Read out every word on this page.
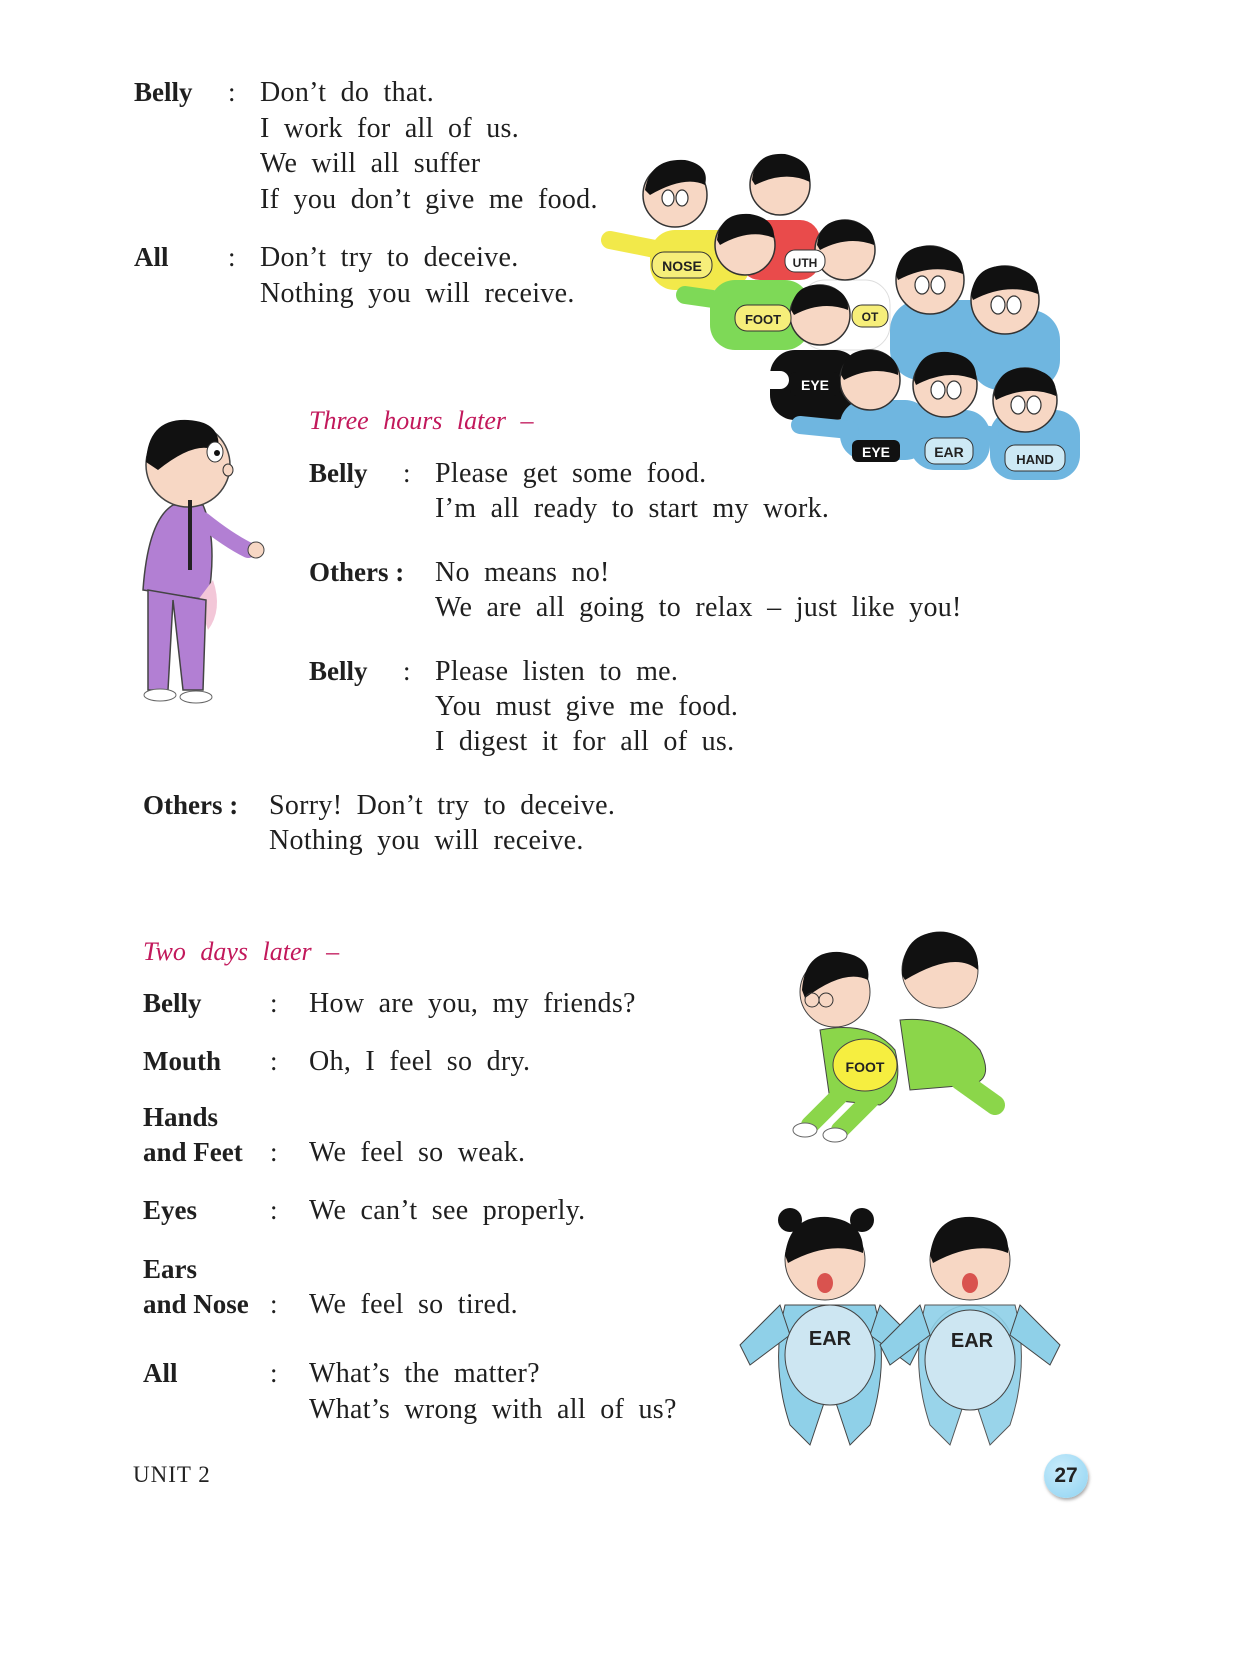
Belly : Don’t do that.
I work for all of us.
We will all suffer
If you don’t give me food.
All : Don’t try to deceive.
Nothing you will receive.
NOSE	UTH
FOOT	OT
EYE
EYE	EAR	HAND
Three hours later –
Belly : Please get some food.
I’m all ready to start my work.
Others : No means no!
We are all going to relax – just like you!
Belly : Please listen to me.
You must give me food.
I digest it for all of us.
Others : Sorry! Don’t try to deceive.
Nothing you will receive.
Two days later –
Belly	: How are you, my friends?
Mouth : Oh, I feel so dry.
Hands
and Feet : We feel so weak.
Eyes	: We can’t see properly.
Ears
and Nose : We feel so tired.
All	: What’s the matter?
What’s wrong with all of us?
FOOT
EAR	EAR
UNIT 2	27
